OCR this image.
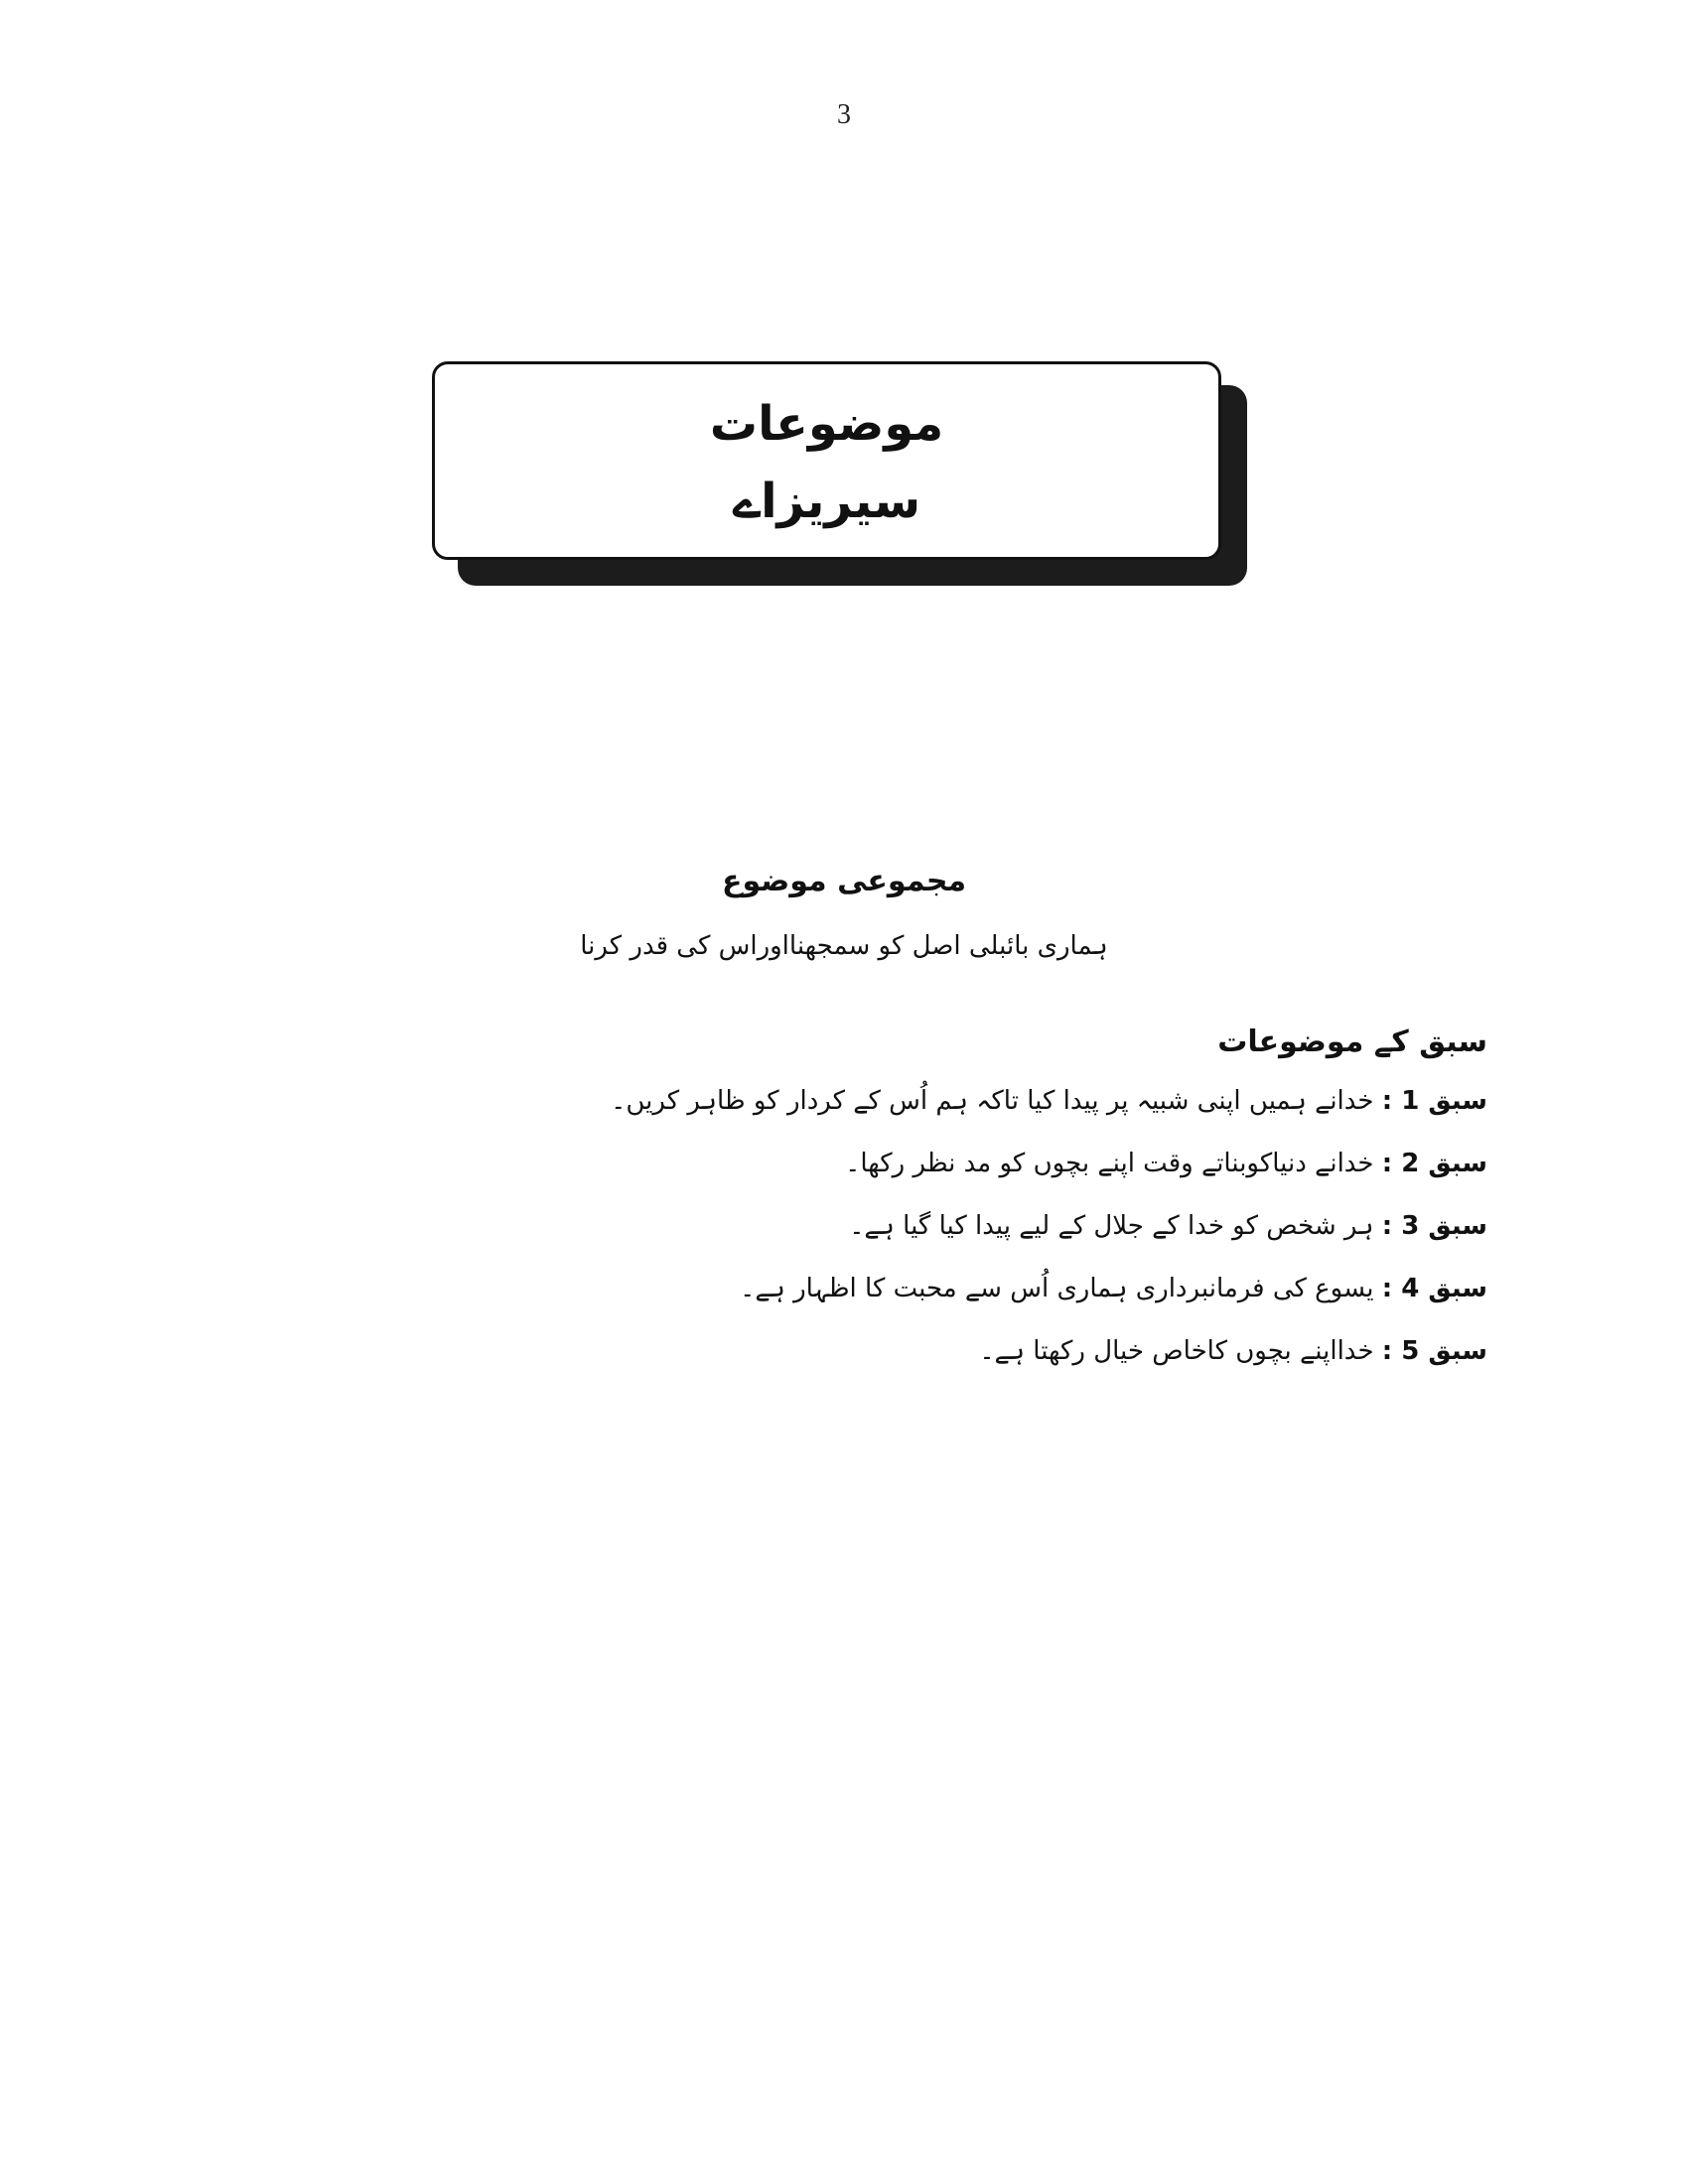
3
موضوعات
سیریزاے
مجموعی موضوع
ہماری بائبلی اصل کو سمجھنااوراس کی قدر کرنا
سبق کے موضوعات
سبق 1 : خدانے ہمیں اپنی شبیہ پر پیدا کیا تاکہ ہم اُس کے کردار کو ظاہر کریں۔
سبق 2 : خدانے دنیاکوبناتے وقت اپنے بچوں کو مد نظر رکھا۔
سبق 3 : ہر شخص کو خدا کے جلال کے لیے پیدا کیا گیا ہے۔
سبق 4 : یسوع کی فرمانبرداری ہماری اُس سے محبت کا اظہار ہے۔
سبق 5 : خدااپنے بچوں کاخاص خیال رکھتا ہے۔
